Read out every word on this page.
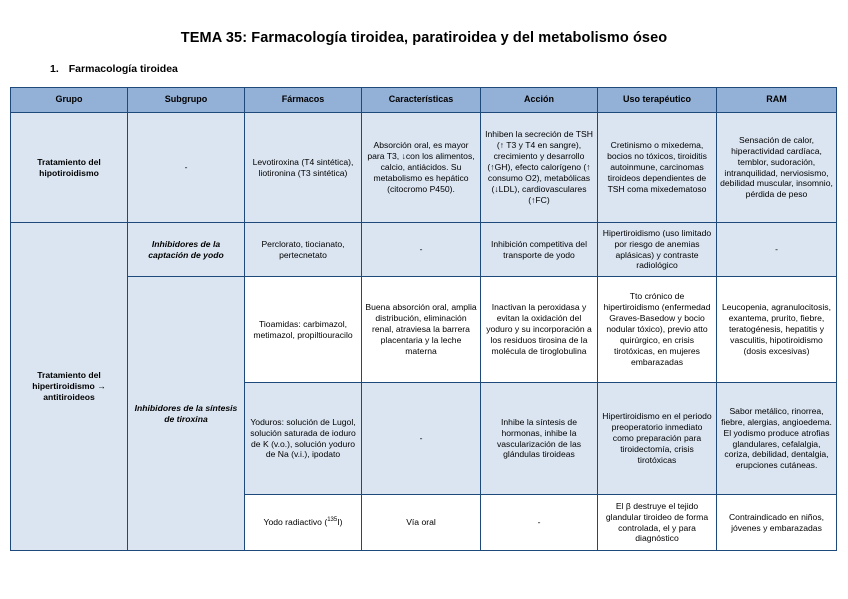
TEMA 35: Farmacología tiroidea, paratiroidea y del metabolismo óseo
1. Farmacología tiroidea
Grupo	Subgrupo	Fármacos	Características	Acción	Uso terapéutico	RAM
Tratamiento del hipotiroidismo	-	Levotiroxina (T4 sintética), liotironina (T3 sintética)	Absorción oral, es mayor para T3, ↓con los alimentos, calcio, antiácidos. Su metabolismo es hepático (citocromo P450).	Inhiben la secreción de TSH (↑ T3 y T4 en sangre), crecimiento y desarrollo (↑GH), efecto calorígeno (↑ consumo O2), metabólicas (↓LDL), cardiovasculares (↑FC)	Cretinismo o mixedema, bocios no tóxicos, tiroiditis autoinmune, carcinomas tiroideos dependientes de TSH coma mixedematoso	Sensación de calor, hiperactividad cardíaca, temblor, sudoración, intranquilidad, nerviosismo, debilidad muscular, insomnio, pérdida de peso
Tratamiento del hipertiroidismo → antitiroideos	Inhibidores de la captación de yodo	Perclorato, tiocianato, pertecnetato	-	Inhibición competitiva del transporte de yodo	Hipertiroidismo (uso limitado por riesgo de anemias aplásicas) y contraste radiológico	-
	Inhibidores de la síntesis de tiroxina	Tioamidas: carbimazol, metimazol, propiltiouracilo	Buena absorción oral, amplia distribución, eliminación renal, atraviesa la barrera placentaria y la leche materna	Inactivan la peroxidasa y evitan la oxidación del yoduro y su incorporación a los residuos tirosina de la molécula de tiroglobulina	Tto crónico de hipertiroidismo (enfermedad Graves-Basedow y bocio nodular tóxico), previo atto quirúrgico, en crisis tirotóxicas, en mujeres embarazadas	Leucopenia, agranulocitosis, exantema, prurito, fiebre, teratogénesis, hepatitis y vasculitis, hipotiroidismo (dosis excesivas)
		Yoduros: solución de Lugol, solución saturada de ioduro de K (v.o.), solución yoduro de Na (v.i.), ipodato	-	Inhibe la síntesis de hormonas, inhibe la vascularización de las glándulas tiroideas	Hipertiroidismo en el periodo preoperatorio inmediato como preparación para tiroidectomía, crisis tirotóxicas	Sabor metálico, rinorrea, fiebre, alergias, angioedema. El yodismo produce atrofias glandulares, cefalalgia, coriza, debilidad, dentalgia, erupciones cutáneas.
		Yodo radiactivo ($^{135}$I)	Vía oral	-	El β destruye el tejido glandular tiroideo de forma controlada, el y para diagnóstico	Contraindicado en niños, jóvenes y embarazadas
